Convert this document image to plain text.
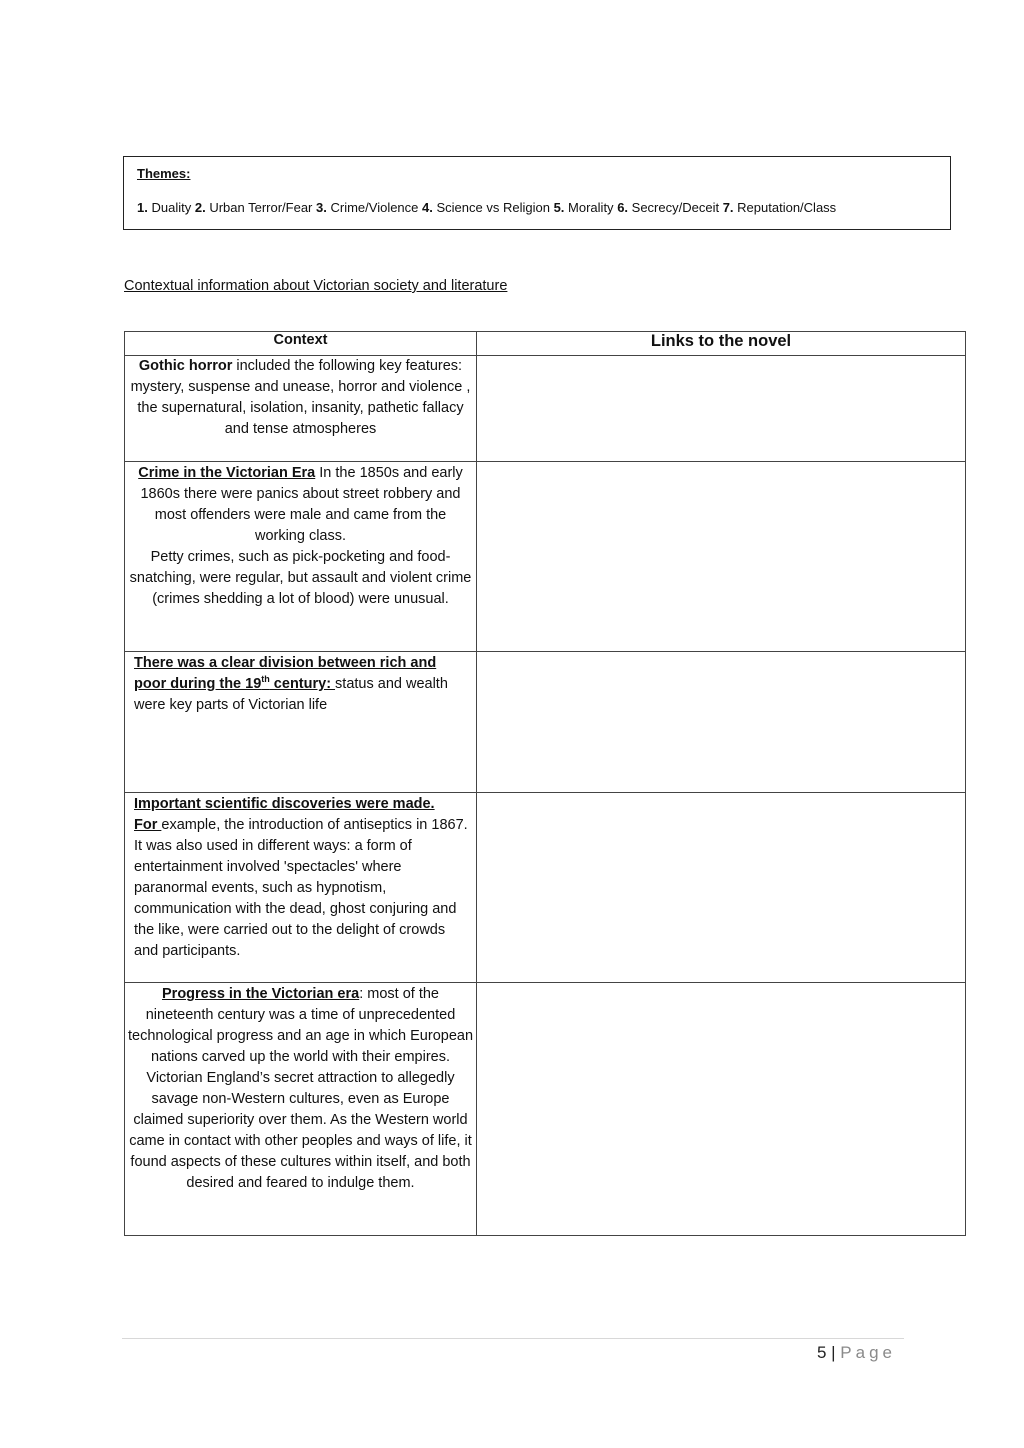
Themes:
1. Duality 2. Urban Terror/Fear 3. Crime/Violence 4. Science vs Religion 5. Morality 6. Secrecy/Deceit 7. Reputation/Class
Contextual information about Victorian society and literature
Context	Links to the novel

Gothic horror included the following key features: mystery, suspense and unease, horror and violence , the supernatural, isolation, insanity, pathetic fallacy and tense atmospheres	

Crime in the Victorian Era In the 1850s and early 1860s there were panics about street robbery and most offenders were male and came from the working class.
Petty crimes, such as pick-pocketing and food-snatching, were regular, but assault and violent crime (crimes shedding a lot of blood) were unusual.	

There was a clear division between rich and poor during the 19th century: status and wealth were key parts of Victorian life	

Important scientific discoveries were made.
For example, the introduction of antiseptics in 1867. It was also used in different ways: a form of entertainment involved 'spectacles' where paranormal events, such as hypnotism, communication with the dead, ghost conjuring and the like, were carried out to the delight of crowds and participants.	

Progress in the Victorian era: most of the nineteenth century was a time of unprecedented technological progress and an age in which European nations carved up the world with their empires. Victorian England’s secret attraction to allegedly savage non-Western cultures, even as Europe claimed superiority over them. As the Western world came in contact with other peoples and ways of life, it found aspects of these cultures within itself, and both desired and feared to indulge them.	

5 | Page
